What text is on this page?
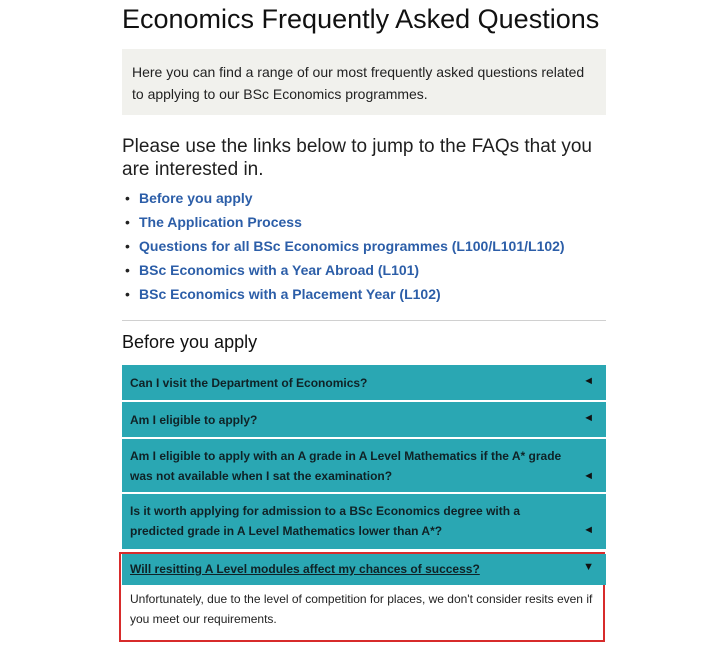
Economics Frequently Asked Questions
Here you can find a range of our most frequently asked questions related to applying to our BSc Economics programmes.
Please use the links below to jump to the FAQs that you are interested in.
• Before you apply
• The Application Process
• Questions for all BSc Economics programmes (L100/L101/L102)
• BSc Economics with a Year Abroad (L101)
• BSc Economics with a Placement Year (L102)
Before you apply
Can I visit the Department of Economics?	◄
Am I eligible to apply?	◄
Am I eligible to apply with an A grade in A Level Mathematics if the A* grade was not available when I sat the examination?	◄
Is it worth applying for admission to a BSc Economics degree with a predicted grade in A Level Mathematics lower than A*?	◄
Will resitting A Level modules affect my chances of success?	▼
Unfortunately, due to the level of competition for places, we don't consider resits even if you meet our requirements.
